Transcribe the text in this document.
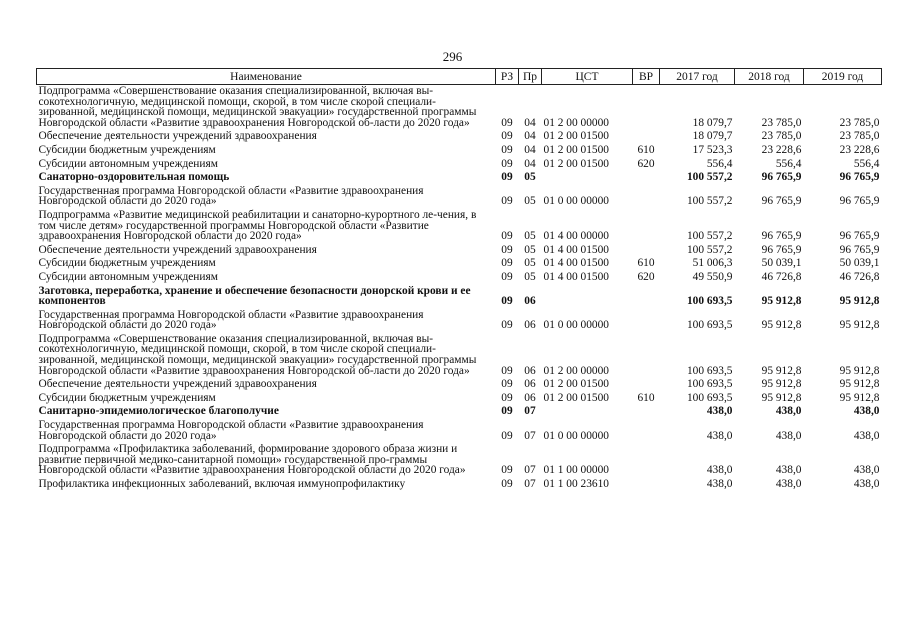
296
Наименование	РЗ	Пр	ЦСТ	ВР	2017 год	2018 год	2019 год
Подпрограмма «Совершенствование оказания специализированной, включая вы-сокотехнологичную, медицинской помощи, скорой, в том числе скорой специали-зированной, медицинской помощи, медицинской эвакуации» государственной программы Новгородской области «Развитие здравоохранения Новгородской об-ласти до 2020 года»	09	04	01 2 00 00000		18 079,7	23 785,0	23 785,0
Обеспечение деятельности учреждений здравоохранения	09	04	01 2 00 01500		18 079,7	23 785,0	23 785,0
Субсидии бюджетным учреждениям	09	04	01 2 00 01500	610	17 523,3	23 228,6	23 228,6
Субсидии автономным учреждениям	09	04	01 2 00 01500	620	556,4	556,4	556,4
Санаторно-оздоровительная помощь	09	05			100 557,2	96 765,9	96 765,9
Государственная программа Новгородской области «Развитие здравоохранения Новгородской области до 2020 года»	09	05	01 0 00 00000		100 557,2	96 765,9	96 765,9
Подпрограмма «Развитие медицинской реабилитации и санаторно-курортного ле-чения, в том числе детям» государственной программы Новгородской области «Развитие здравоохранения Новгородской области до 2020 года»	09	05	01 4 00 00000		100 557,2	96 765,9	96 765,9
Обеспечение деятельности учреждений здравоохранения	09	05	01 4 00 01500		100 557,2	96 765,9	96 765,9
Субсидии бюджетным учреждениям	09	05	01 4 00 01500	610	51 006,3	50 039,1	50 039,1
Субсидии автономным учреждениям	09	05	01 4 00 01500	620	49 550,9	46 726,8	46 726,8
Заготовка, переработка, хранение и обеспечение безопасности донорской крови и ее компонентов	09	06			100 693,5	95 912,8	95 912,8
Государственная программа Новгородской области «Развитие здравоохранения Новгородской области до 2020 года»	09	06	01 0 00 00000		100 693,5	95 912,8	95 912,8
Подпрограмма «Совершенствование оказания специализированной, включая вы-сокотехнологичную, медицинской помощи, скорой, в том числе скорой специали-зированной, медицинской помощи, медицинской эвакуации» государственной программы Новгородской области «Развитие здравоохранения Новгородской об-ласти до 2020 года»	09	06	01 2 00 00000		100 693,5	95 912,8	95 912,8
Обеспечение деятельности учреждений здравоохранения	09	06	01 2 00 01500		100 693,5	95 912,8	95 912,8
Субсидии бюджетным учреждениям	09	06	01 2 00 01500	610	100 693,5	95 912,8	95 912,8
Санитарно-эпидемиологическое благополучие	09	07			438,0	438,0	438,0
Государственная программа Новгородской области «Развитие здравоохранения Новгородской области до 2020 года»	09	07	01 0 00 00000		438,0	438,0	438,0
Подпрограмма «Профилактика заболеваний, формирование здорового образа жизни и развитие первичной медико-санитарной помощи» государственной про-граммы Новгородской области «Развитие здравоохранения Новгородской области до 2020 года»	09	07	01 1 00 00000		438,0	438,0	438,0
Профилактика инфекционных заболеваний, включая иммунопрофилактику	09	07	01 1 00 23610		438,0	438,0	438,0
